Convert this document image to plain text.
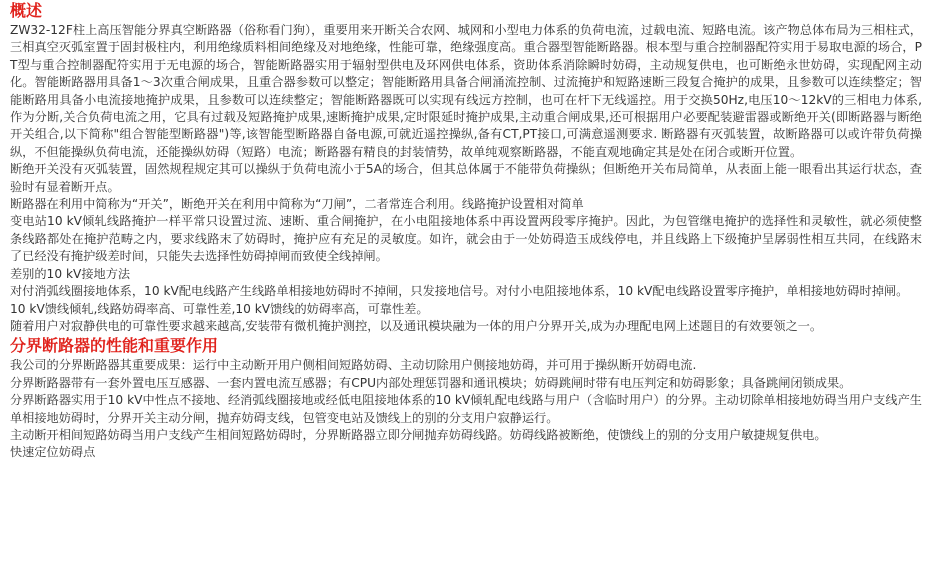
概述

ZW32-12F柱上高压智能分界真空断路器（俗称看门狗），重要用来开断关合农网、城网和小型电力体系的负荷电流，过载电流、短路电流。该产物总体布局为三相柱式，三相真空灭弧室置于固封极柱内，利用绝缘质料相间绝缘及对地绝缘，性能可靠，绝缘强度高。重合器型智能断路器。根本型与重合控制器配符实用于易取电源的场合，PT型与重合控制器配符实用于无电源的场合，智能断路器实用于辐射型供电及环网供电体系，资助体系消除瞬时妨碍，主动规复供电，也可断绝永世妨碍，实现配网主动化。智能断路器用具备1～3次重合闸成果，且重合器参数可以整定；智能断路用具备合闸涌流控制、过流掩护和短路速断三段复合掩护的成果，且参数可以连续整定；智能断路用具备小电流接地掩护成果，且参数可以连续整定；智能断路器既可以实现有线远方控制，也可在杆下无线遥控。用于交换50Hz,电压10～12kV的三相电力体系,作为分断,关合负荷电流之用，它具有过载及短路掩护成果,速断掩护成果,定时限延时掩护成果,主动重合闸成果,还可根据用户必要配装避雷器或断绝开关(即断路器与断绝开关组合,以下简称"组合智能型断路器")等,该智能型断路器自备电源,可就近遥控操纵,备有CT,PT接口,可满意遥测要求. 断路器有灭弧装置，故断路器可以或许带负荷操纵，不但能操纵负荷电流，还能操纵妨碍（短路）电流；断路器有精良的封装情势，故单纯观察断路器，不能直观地确定其是处在闭合或断开位置。

断绝开关没有灭弧装置，固然规程规定其可以操纵于负荷电流小于5A的场合，但其总体属于不能带负荷操纵；但断绝开关布局简单，从表面上能一眼看出其运行状态，查验时有显着断开点。

断路器在利用中简称为“开关”，断绝开关在利用中简称为“刀闸”，二者常连合利用。线路掩护设置相对简单

变电站10 kV倾轧线路掩护一样平常只设置过流、速断、重合闸掩护，在小电阻接地体系中再设置两段零序掩护。因此，为包管继电掩护的选择性和灵敏性，就必须使整条线路都处在掩护范畴之内，要求线路末了妨碍时，掩护应有充足的灵敏度。如许，就会由于一处妨碍造玉成线停电，并且线路上下级掩护呈孱弱性相互共同，在线路末了已经没有掩护级差时间，只能失去选择性妨碍掉闸而致使全线掉闸。

差别的10 kV接地方法

对付消弧线圈接地体系，10 kV配电线路产生线路单相接地妨碍时不掉闸，只发接地信号。对付小电阻接地体系，10 kV配电线路设置零序掩护，单相接地妨碍时掉闸。

10 kV馈线倾轧,线路妨碍率高、可靠性差,10 kV馈线的妨碍率高，可靠性差。

随着用户对寂静供电的可靠性要求越来越高,安装带有微机掩护测控，以及通讯模块融为一体的用户分界开关,成为办理配电网上述题目的有效要领之一。

分界断路器的性能和重要作用

我公司的分界断路器其重要成果：运行中主动断开用户侧相间短路妨碍、主动切除用户侧接地妨碍，并可用于操纵断开妨碍电流.

分界断路器带有一套外置电压互感器、一套内置电流互感器；有CPU内部处理惩罚器和通讯模块；妨碍跳闸时带有电压判定和妨碍影象；具备跳闸闭锁成果。

分界断路器实用于10 kV中性点不接地、经消弧线圈接地或经低电阻接地体系的10 kV倾轧配电线路与用户（含临时用户）的分界。主动切除单相接地妨碍当用户支线产生单相接地妨碍时，分界开关主动分闸，抛弃妨碍支线，包管变电站及馈线上的别的分支用户寂静运行。

主动断开相间短路妨碍当用户支线产生相间短路妨碍时，分界断路器立即分闸抛弃妨碍线路。妨碍线路被断绝，使馈线上的别的分支用户敏捷规复供电。

快速定位妨碍点
